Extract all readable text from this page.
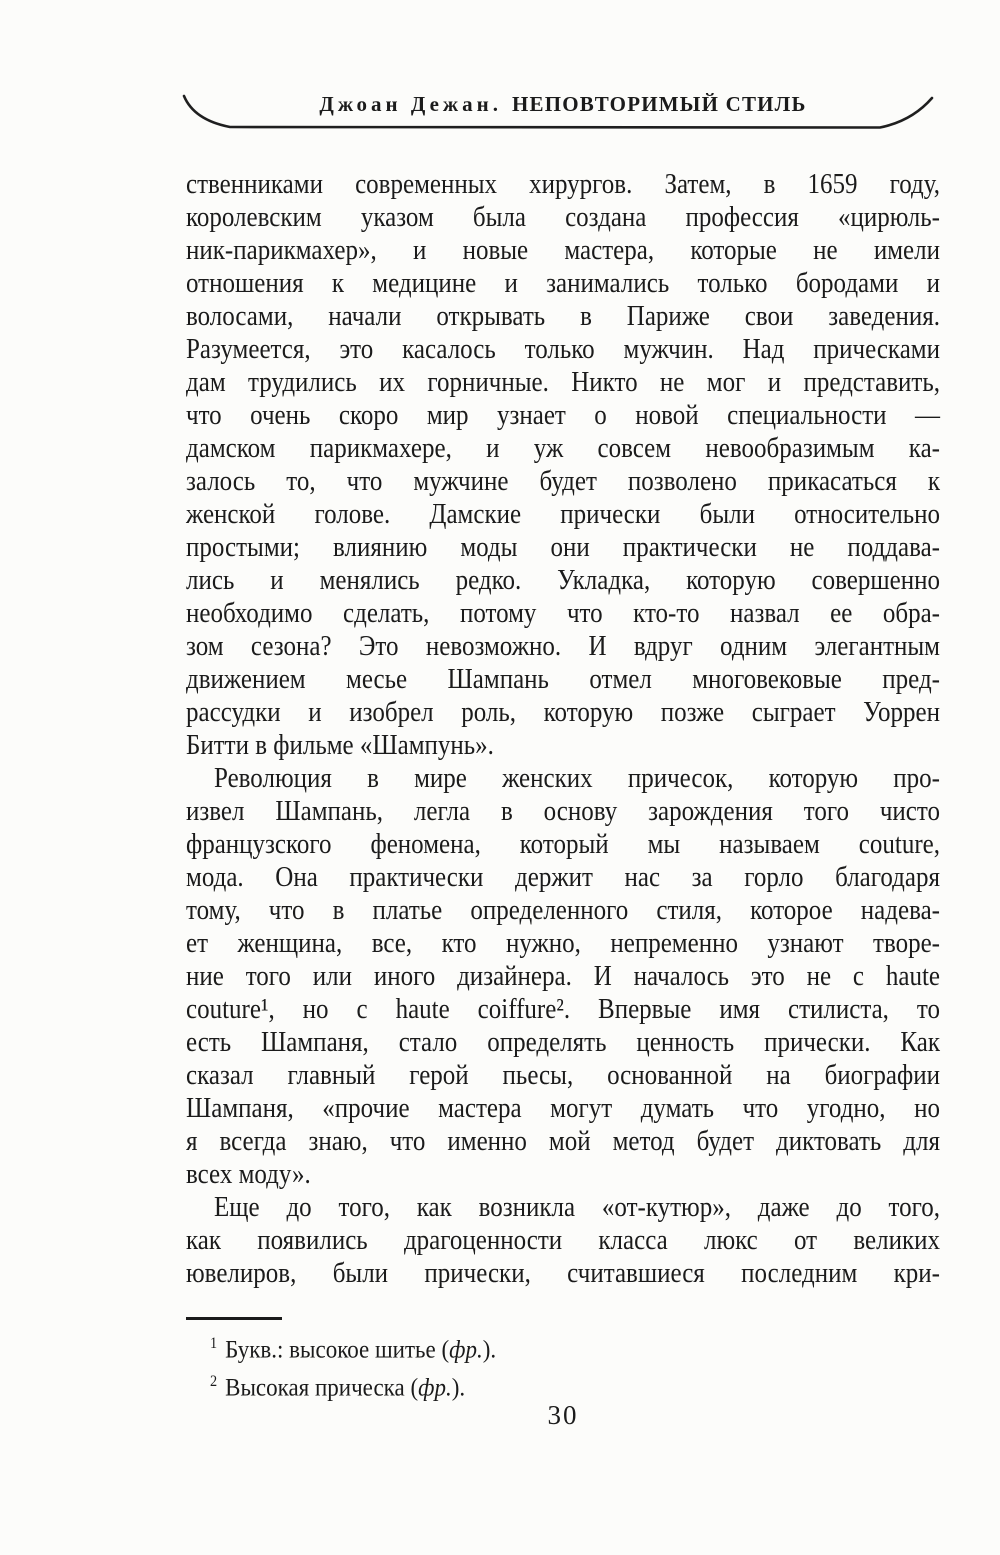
Джоан Дежан. НЕПОВТОРИМЫЙ СТИЛЬ
ственниками современных хирургов. Затем, в 1659 году,
королевским указом была создана профессия «цирюль-
ник-парикмахер», и новые мастера, которые не имели
отношения к медицине и занимались только бородами и
волосами, начали открывать в Париже свои заведения.
Разумеется, это касалось только мужчин. Над прическами
дам трудились их горничные. Никто не мог и представить,
что очень скоро мир узнает о новой специальности —
дамском парикмахере, и уж совсем невообразимым ка-
залось то, что мужчине будет позволено прикасаться к
женской голове. Дамские прически были относительно
простыми; влиянию моды они практически не поддава-
лись и менялись редко. Укладка, которую совершенно
необходимо сделать, потому что кто-то назвал ее обра-
зом сезона? Это невозможно. И вдруг одним элегантным
движением месье Шампань отмел многовековые пред-
рассудки и изобрел роль, которую позже сыграет Уоррен
Битти в фильме «Шампунь».
Революция в мире женских причесок, которую про-
извел Шампань, легла в основу зарождения того чисто
французского феномена, который мы называем couture,
мода. Она практически держит нас за горло благодаря
тому, что в платье определенного стиля, которое надева-
ет женщина, все, кто нужно, непременно узнают творе-
ние того или иного дизайнера. И началось это не с haute
couture¹, но с haute coiffure². Впервые имя стилиста, то
есть Шампаня, стало определять ценность прически. Как
сказал главный герой пьесы, основанной на биографии
Шампаня, «прочие мастера могут думать что угодно, но
я всегда знаю, что именно мой метод будет диктовать для
всех моду».
Еще до того, как возникла «от-кутюр», даже до того,
как появились драгоценности класса люкс от великих
ювелиров, были прически, считавшиеся последним кри-
$^1$ Букв.: высокое шитье (фр.).
$^2$ Высокая прическа (фр.).
30
